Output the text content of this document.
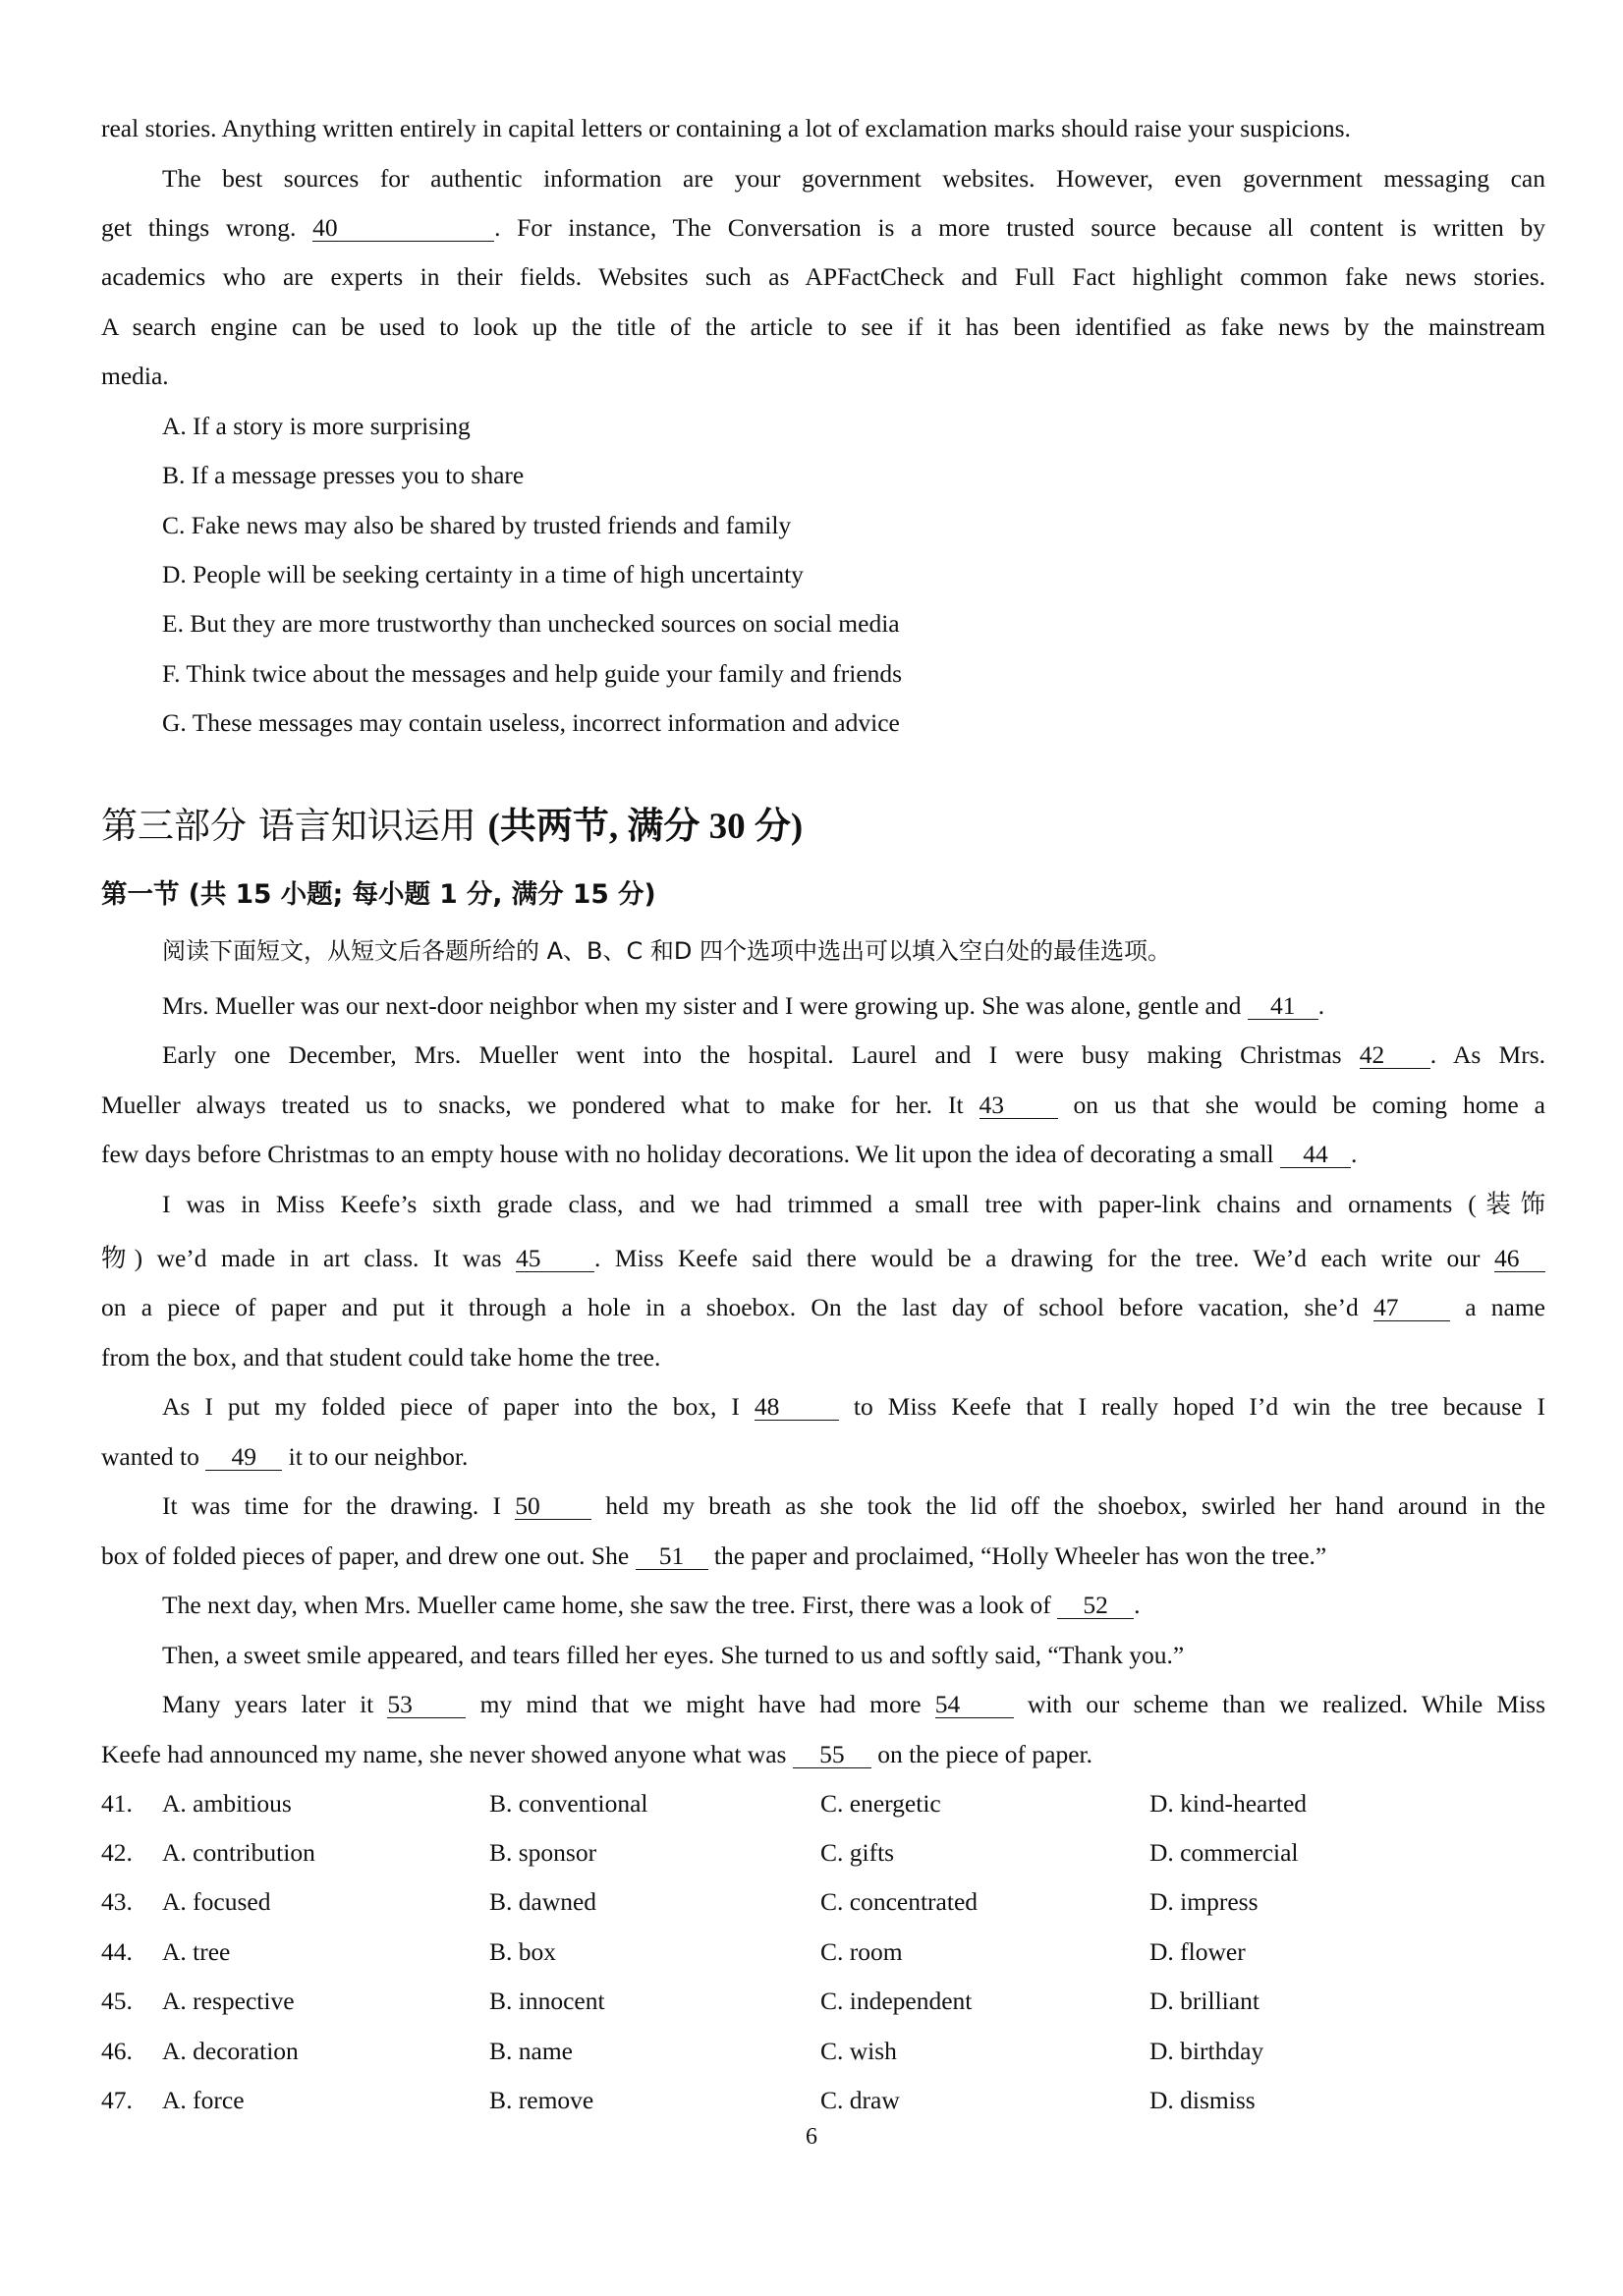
real stories. Anything written entirely in capital letters or containing a lot of exclamation marks should raise your suspicions.
The best sources for authentic information are your government websites. However, even government messaging can
get things wrong. 40	. For instance, The Conversation is a more trusted source because all content is written by
academics who are experts in their fields. Websites such as APFactCheck and Full Fact highlight common fake news stories.
A search engine can be used to look up the title of the article to see if it has been identified as fake news by the mainstream
media.
A. If a story is more surprising
B. If a message presses you to share
C. Fake news may also be shared by trusted friends and family
D. People will be seeking certainty in a time of high uncertainty
E. But they are more trustworthy than unchecked sources on social media
F. Think twice about the messages and help guide your family and friends
G. These messages may contain useless, incorrect information and advice
第三部分 语言知识运用 (共两节, 满分 30 分)
第一节 (共 15 小题; 每小题 1 分, 满分 15 分)
阅读下面短文，从短文后各题所给的 A、B、C 和D 四个选项中选出可以填入空白处的最佳选项。
Mrs. Mueller was our next-door neighbor when my sister and I were growing up. She was alone, gentle and 41 .
Early one December, Mrs. Mueller went into the hospital. Laurel and I were busy making Christmas 42 . As Mrs.
Mueller always treated us to snacks, we pondered what to make for her. It 43 on us that she would be coming home a
few days before Christmas to an empty house with no holiday decorations. We lit upon the idea of decorating a small 44 .
I was in Miss Keefe’s sixth grade class, and we had trimmed a small tree with paper-link chains and ornaments (装饰
物) we’d made in art class. It was 45 . Miss Keefe said there would be a drawing for the tree. We’d each write our 46
on a piece of paper and put it through a hole in a shoebox. On the last day of school before vacation, she’d 47 a name
from the box, and that student could take home the tree.
As I put my folded piece of paper into the box, I 48 to Miss Keefe that I really hoped I’d win the tree because I
wanted to 49 it to our neighbor.
It was time for the drawing. I 50 held my breath as she took the lid off the shoebox, swirled her hand around in the
box of folded pieces of paper, and drew one out. She 51 the paper and proclaimed, “Holly Wheeler has won the tree.”
The next day, when Mrs. Mueller came home, she saw the tree. First, there was a look of 52 .
Then, a sweet smile appeared, and tears filled her eyes. She turned to us and softly said, “Thank you.”
Many years later it 53 my mind that we might have had more 54 with our scheme than we realized. While Miss
Keefe had announced my name, she never showed anyone what was 55 on the piece of paper.
41. A. ambitious	B. conventional	C. energetic	D. kind-hearted
42. A. contribution	B. sponsor	C. gifts	D. commercial
43. A. focused	B. dawned	C. concentrated	D. impress
44. A. tree	B. box	C. room	D. flower
45. A. respective	B. innocent	C. independent	D. brilliant
46. A. decoration	B. name	C. wish	D. birthday
47. A. force	B. remove	C. draw	D. dismiss
6
